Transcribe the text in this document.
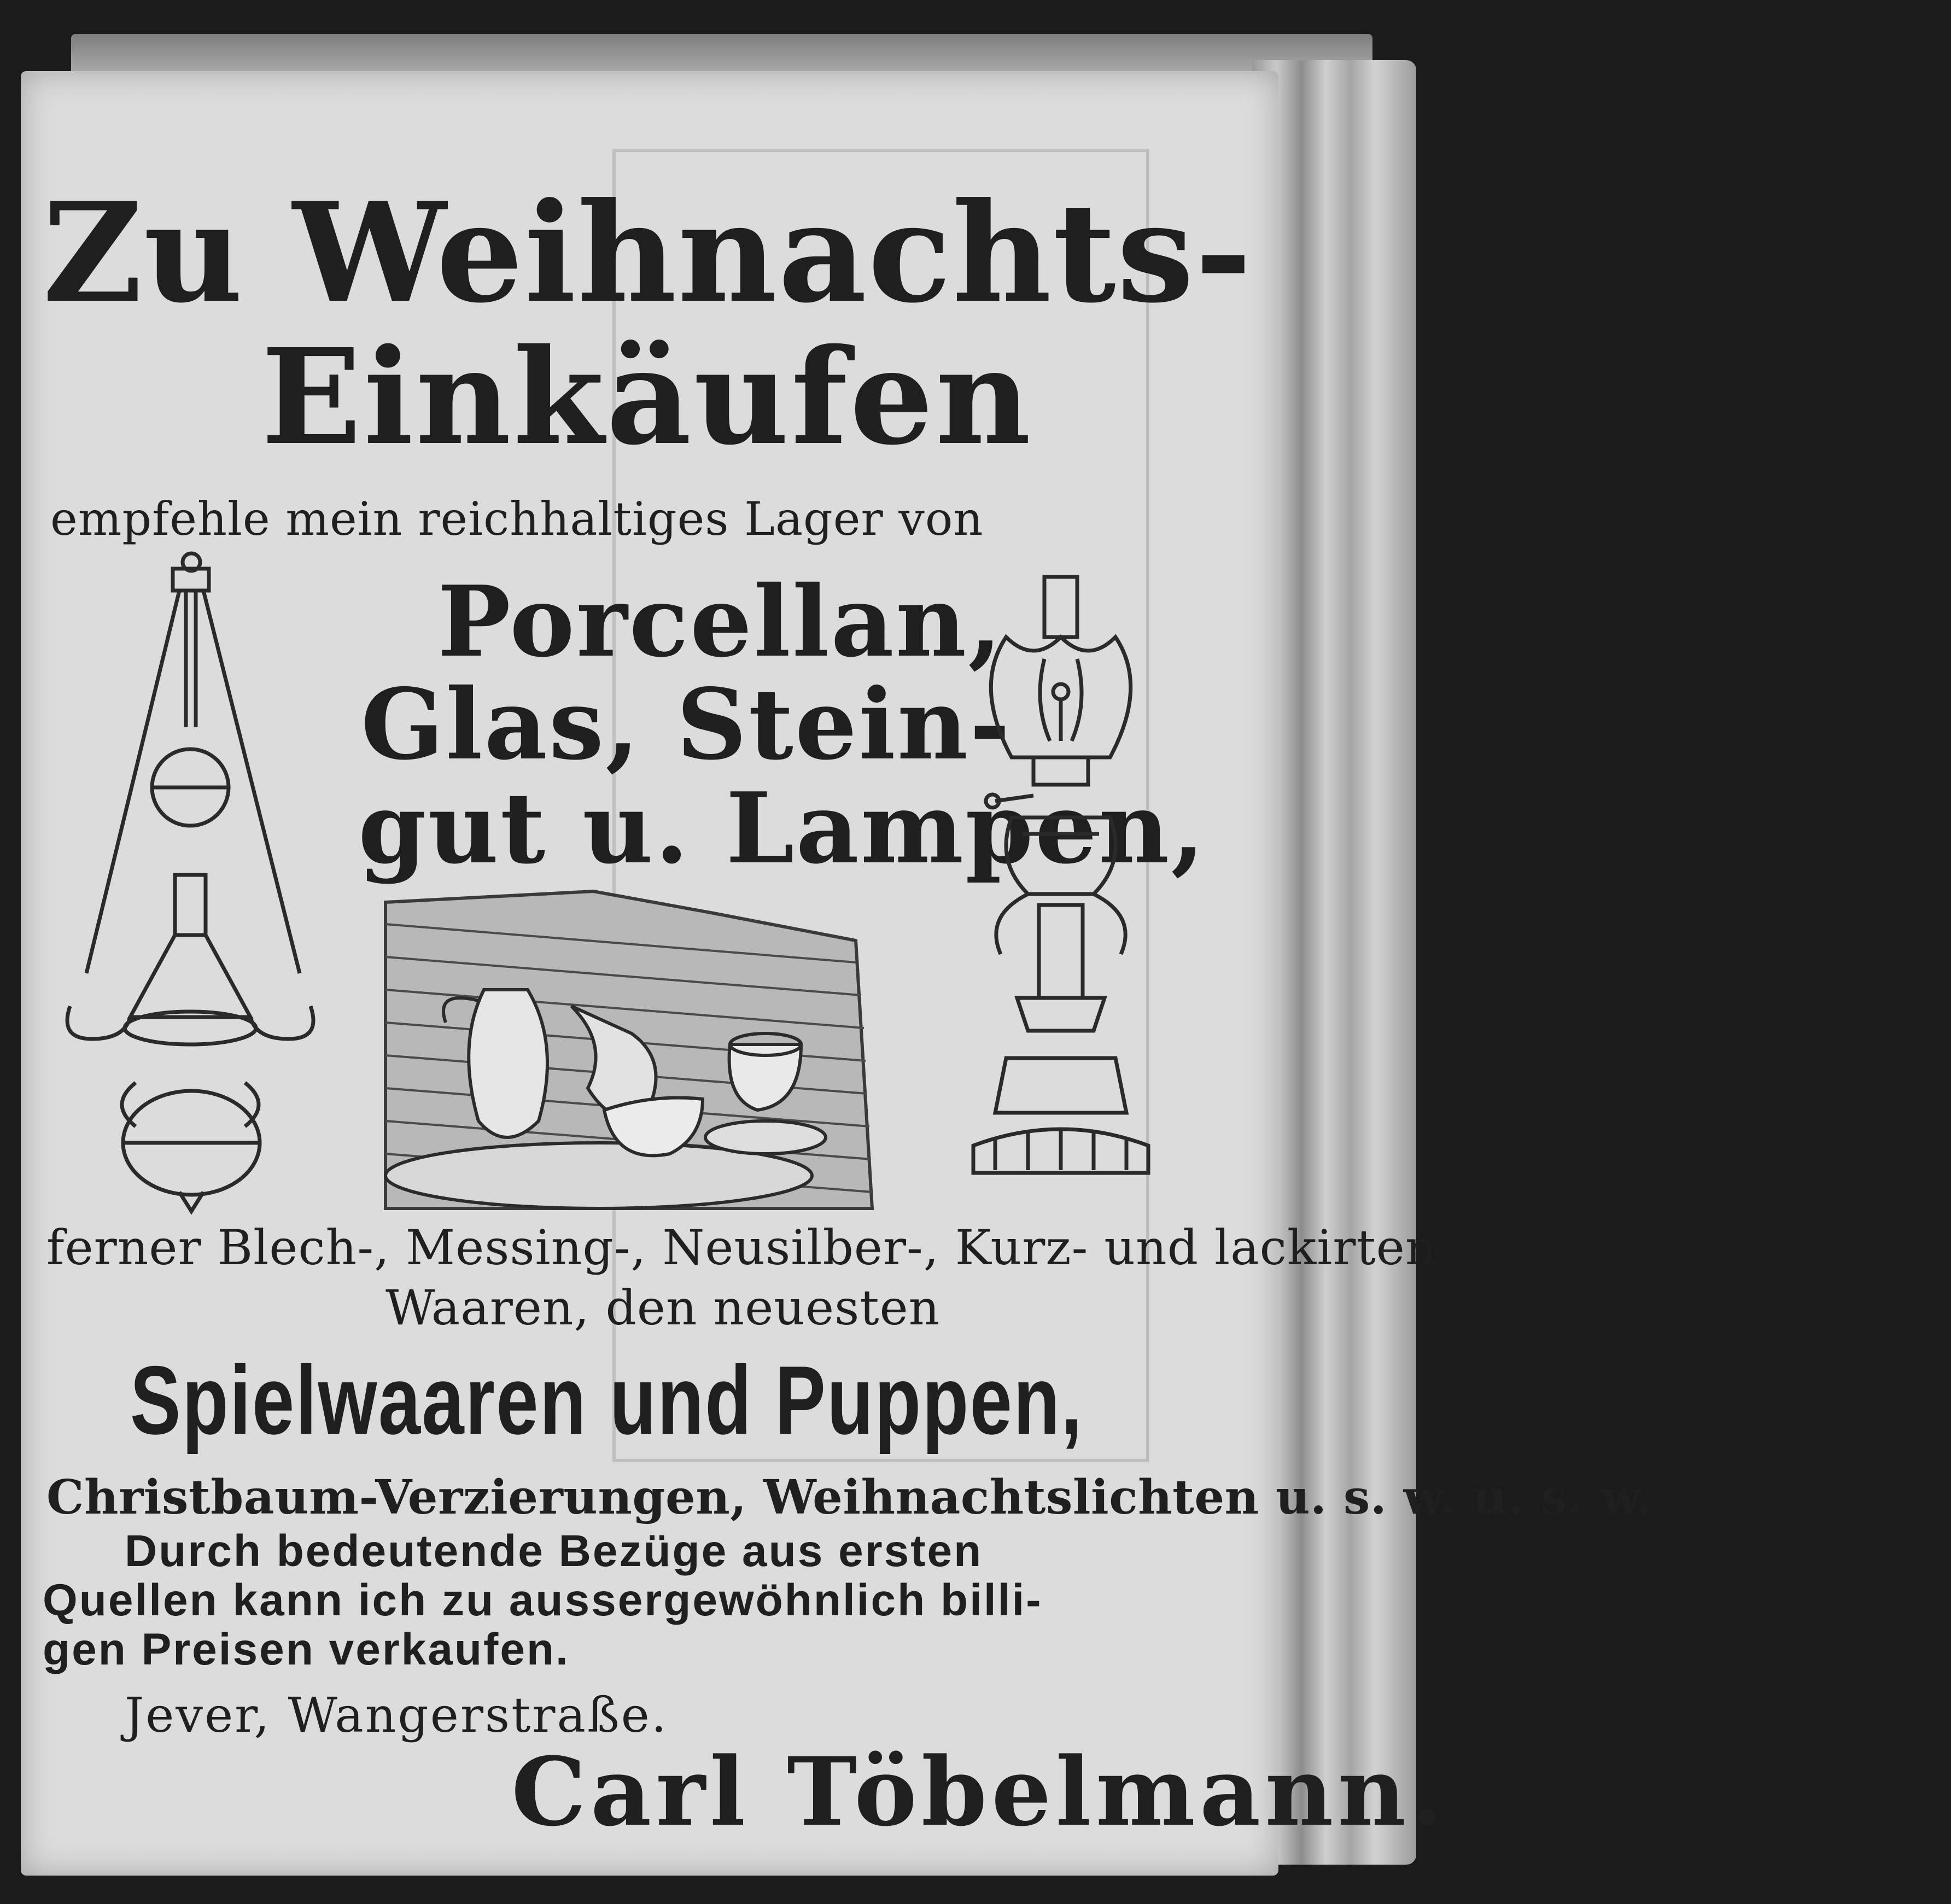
Zu Weihnachts-
Einkäufen
empfehle mein reichhaltiges Lager von
Porcellan,
Glas, Stein-
gut u. Lampen,
ferner Blech-, Messing-, Neusilber-, Kurz- und lackirten
Waaren, den neuesten
Spielwaaren und Puppen,
Christbaum-Verzierungen, Weihnachtslichten u. s. w. u. s. w.
Durch bedeutende Bezüge aus ersten
Quellen kann ich zu aussergewöhnlich billi-
gen Preisen verkaufen.
Jever, Wangerstraße.
Carl Töbelmann.
